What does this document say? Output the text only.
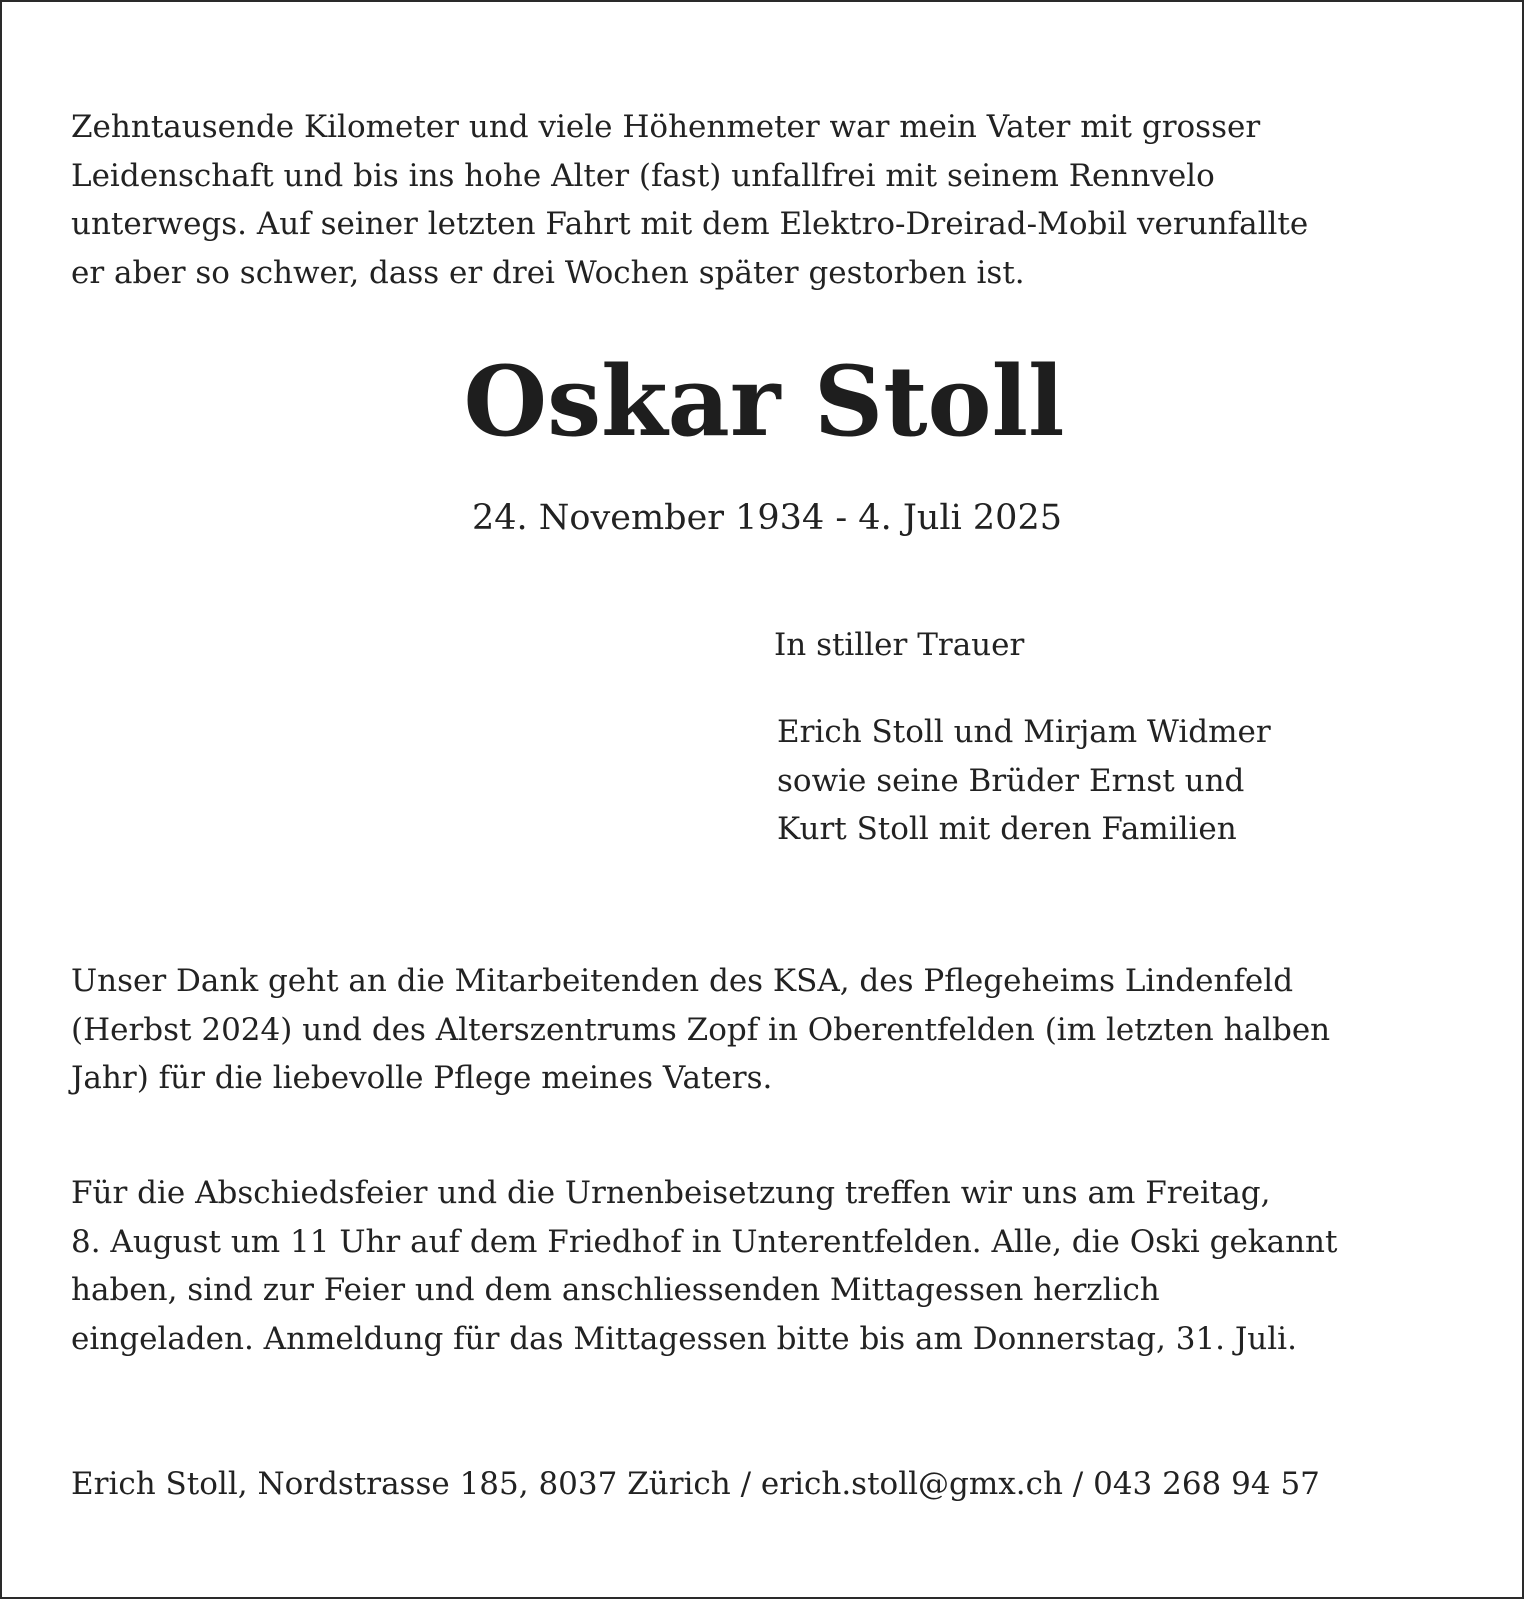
Zehntausende Kilometer und viele Höhenmeter war mein Vater mit grosser
Leidenschaft und bis ins hohe Alter (fast) unfallfrei mit seinem Rennvelo
unterwegs. Auf seiner letzten Fahrt mit dem Elektro-Dreirad-Mobil verunfallte
er aber so schwer, dass er drei Wochen später gestorben ist.

Oskar Stoll

24. November 1934 - 4. Juli 2025

In stiller Trauer

Erich Stoll und Mirjam Widmer
sowie seine Brüder Ernst und
Kurt Stoll mit deren Familien

Unser Dank geht an die Mitarbeitenden des KSA, des Pflegeheims Lindenfeld
(Herbst 2024) und des Alterszentrums Zopf in Oberentfelden (im letzten halben
Jahr) für die liebevolle Pflege meines Vaters.

Für die Abschiedsfeier und die Urnenbeisetzung treffen wir uns am Freitag,
8. August um 11 Uhr auf dem Friedhof in Unterentfelden. Alle, die Oski gekannt
haben, sind zur Feier und dem anschliessenden Mittagessen herzlich
eingeladen. Anmeldung für das Mittagessen bitte bis am Donnerstag, 31. Juli.

Erich Stoll, Nordstrasse 185, 8037 Zürich / erich.stoll@gmx.ch / 043 268 94 57
